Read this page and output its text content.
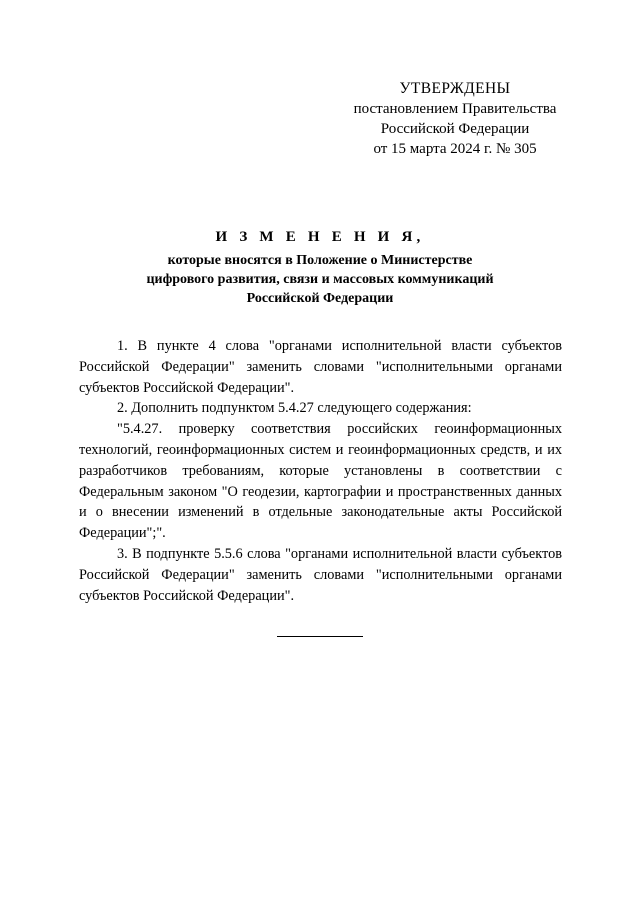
УТВЕРЖДЕНЫ
постановлением Правительства
Российской Федерации
от 15 марта 2024 г. № 305
И З М Е Н Е Н И Я,
которые вносятся в Положение о Министерстве
цифрового развития, связи и массовых коммуникаций
Российской Федерации

1. В пункте 4 слова "органами исполнительной власти субъектов Российской Федерации" заменить словами "исполнительными органами субъектов Российской Федерации".

2. Дополнить подпунктом 5.4.27 следующего содержания:

"5.4.27. проверку соответствия российских геоинформационных технологий, геоинформационных систем и геоинформационных средств, и их разработчиков требованиям, которые установлены в соответствии с Федеральным законом "О геодезии, картографии и пространственных данных и о внесении изменений в отдельные законодательные акты Российской Федерации";".

3. В подпункте 5.5.6 слова "органами исполнительной власти субъектов Российской Федерации" заменить словами "исполнительными органами субъектов Российской Федерации".
